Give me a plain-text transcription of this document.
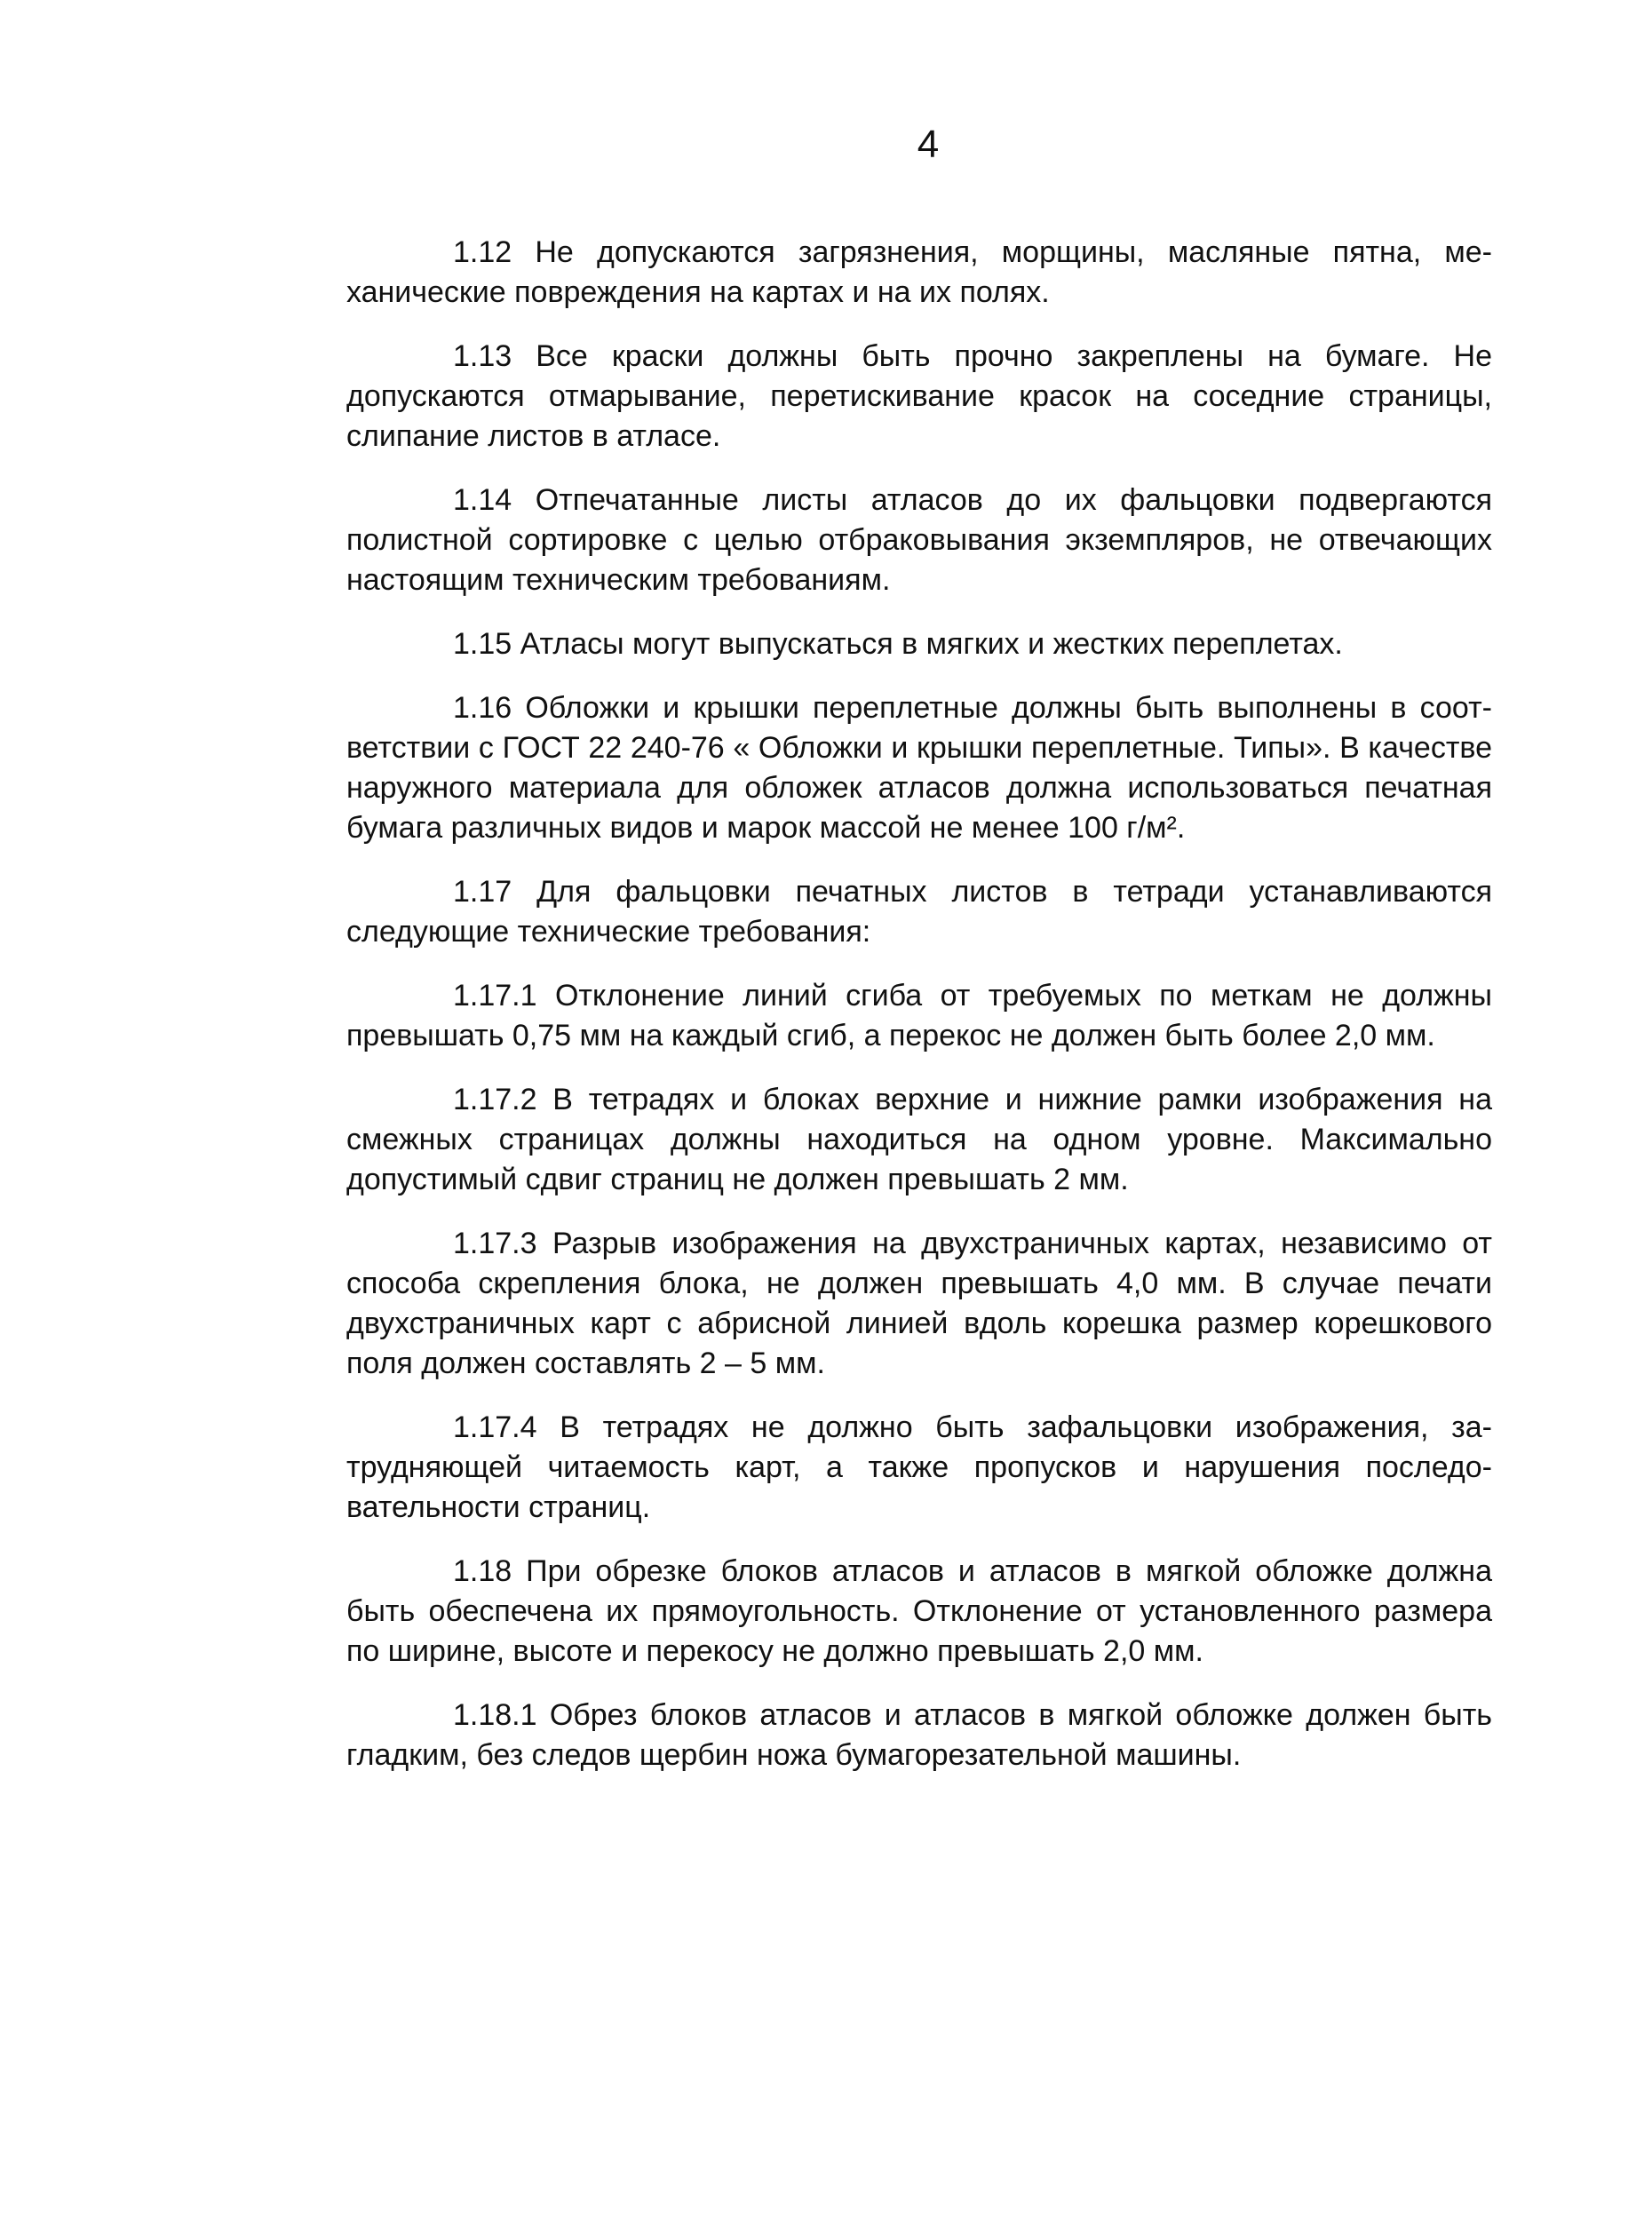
4

1.12 Не допускаются загрязнения, морщины, масляные пятна, механические повреждения на картах и на их полях.

1.13 Все краски должны быть прочно закреплены на бумаге. Не допускаются отмарывание, перетискивание красок на соседние страницы, слипание листов в атласе.

1.14 Отпечатанные листы атласов до их фальцовки подвергаются полистной сортировке с целью отбраковывания экземпляров, не отвечающих настоящим техническим требованиям.

1.15 Атласы могут выпускаться в мягких и жестких переплетах.

1.16 Обложки и крышки переплетные должны быть выполнены в соответствии с ГОСТ 22 240-76 « Обложки и крышки переплетные. Типы». В качестве наружного материала для обложек атласов должна использоваться печатная бумага различных видов и марок массой не менее 100 г/м².

1.17 Для фальцовки печатных листов в тетради устанавливаются следующие технические требования:

1.17.1 Отклонение линий сгиба от требуемых по меткам не должны превышать 0,75 мм на каждый сгиб, а перекос не должен быть более 2,0 мм.

1.17.2 В тетрадях и блоках верхние и нижние рамки изображения на смежных страницах должны находиться на одном уровне. Максимально допустимый сдвиг страниц не должен превышать 2 мм.

1.17.3 Разрыв изображения на двухстраничных картах, независимо от способа скрепления блока, не должен превышать 4,0 мм. В случае печати двухстраничных карт с абрисной линией вдоль корешка размер корешкового поля должен составлять 2 – 5 мм.

1.17.4 В тетрадях не должно быть зафальцовки изображения, затрудняющей читаемость карт, а также пропусков и нарушения последовательности страниц.

1.18 При обрезке блоков атласов и атласов в мягкой обложке должна быть обеспечена их прямоугольность. Отклонение от установленного размера по ширине, высоте и перекосу не должно превышать 2,0 мм.

1.18.1 Обрез блоков атласов и атласов в мягкой обложке должен быть гладким, без следов щербин ножа бумагорезательной машины.
